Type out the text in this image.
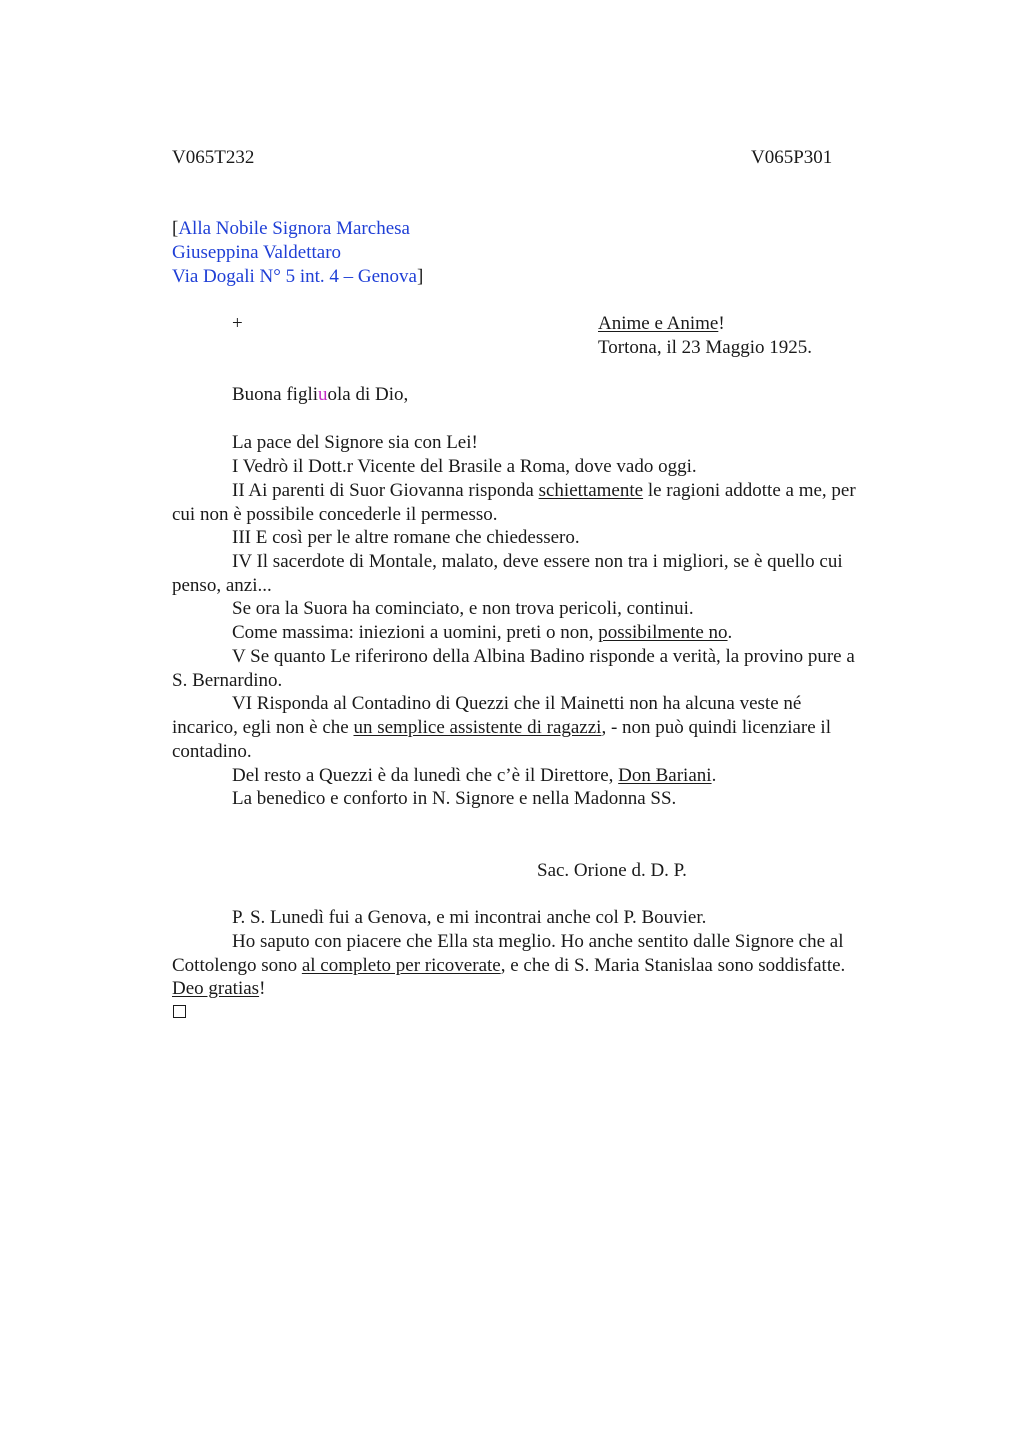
V065T232	V065P301
[Alla Nobile Signora Marchesa
Giuseppina Valdettaro
Via Dogali N° 5 int. 4 – Genova]
+	Anime e Anime!
Tortona, il 23 Maggio 1925.
Buona figliuola di Dio,
La pace del Signore sia con Lei!
I Vedrò il Dott.r Vicente del Brasile a Roma, dove vado oggi.
II Ai parenti di Suor Giovanna risponda schiettamente le ragioni addotte a me, per
cui non è possibile concederle il permesso.
III E così per le altre romane che chiedessero.
IV Il sacerdote di Montale, malato, deve essere non tra i migliori, se è quello cui
penso, anzi...
Se ora la Suora ha cominciato, e non trova pericoli, continui.
Come massima: iniezioni a uomini, preti o non, possibilmente no.
V Se quanto Le riferirono della Albina Badino risponde a verità, la provino pure a
S. Bernardino.
VI Risponda al Contadino di Quezzi che il Mainetti non ha alcuna veste né
incarico, egli non è che un semplice assistente di ragazzi, - non può quindi licenziare il
contadino.
Del resto a Quezzi è da lunedì che c’è il Direttore, Don Bariani.
La benedico e conforto in N. Signore e nella Madonna SS.
Sac. Orione d. D. P.
P. S. Lunedì fui a Genova, e mi incontrai anche col P. Bouvier.
Ho saputo con piacere che Ella sta meglio. Ho anche sentito dalle Signore che al
Cottolengo sono al completo per ricoverate, e che di S. Maria Stanislaa sono soddisfatte.
Deo gratias!
